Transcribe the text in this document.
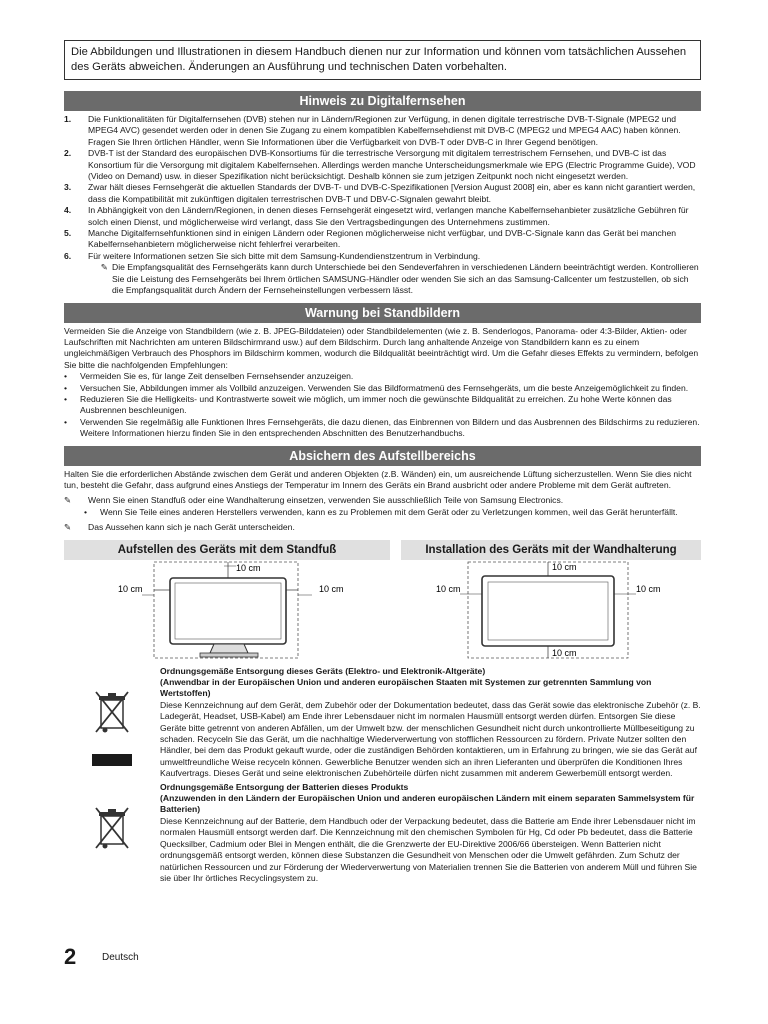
Die Abbildungen und Illustrationen in diesem Handbuch dienen nur zur Information und können vom tatsächlichen Aussehen des Geräts abweichen. Änderungen an Ausführung und technischen Daten vorbehalten.
Hinweis zu Digitalfernsehen
1.	Die Funktionalitäten für Digitalfernsehen (DVB) stehen nur in Ländern/Regionen zur Verfügung, in denen digitale terrestrische DVB-T-Signale (MPEG2 und MPEG4 AVC) gesendet werden oder in denen Sie Zugang zu einem kompatiblen Kabelfernsehdienst mit DVB-C (MPEG2 und MPEG4 AAC) haben können. Fragen Sie Ihren örtlichen Händler, wenn Sie Informationen über die Verfügbarkeit von DVB-T oder DVB-C in Ihrer Gegend benötigen.
2.	DVB-T ist der Standard des europäischen DVB-Konsortiums für die terrestrische Versorgung mit digitalem terrestrischem Fernsehen, und DVB-C ist das Konsortium für die Versorgung mit digitalem Kabelfernsehen. Allerdings werden manche Unterscheidungsmerkmale wie EPG (Electric Programme Guide), VOD (Video on Demand) usw. in dieser Spezifikation nicht berücksichtigt. Deshalb können sie zum jetzigen Zeitpunkt noch nicht eingesetzt werden.
3.	Zwar hält dieses Fernsehgerät die aktuellen Standards der DVB-T- und DVB-C-Spezifikationen [Version August 2008] ein, aber es kann nicht garantiert werden, dass die Kompatibilität mit zukünftigen digitalen terrestrischen DVB-T und DBV-C-Signalen gewahrt bleibt.
4.	In Abhängigkeit von den Ländern/Regionen, in denen dieses Fernsehgerät eingesetzt wird, verlangen manche Kabelfernsehanbieter zusätzliche Gebühren für solch einen Dienst, und möglicherweise wird verlangt, dass Sie den Vertragsbedingungen des Unternehmens zustimmen.
5.	Manche Digitalfernsehfunktionen sind in einigen Ländern oder Regionen möglicherweise nicht verfügbar, und DVB-C-Signale kann das Gerät bei manchen Kabelfernsehanbietern möglicherweise nicht fehlerfrei verarbeiten.
6.	Für weitere Informationen setzen Sie sich bitte mit dem Samsung-Kundendienstzentrum in Verbindung.
✎ Die Empfangsqualität des Fernsehgeräts kann durch Unterschiede bei den Sendeverfahren in verschiedenen Ländern beeinträchtigt werden. Kontrollieren Sie die Leistung des Fernsehgeräts bei Ihrem örtlichen SAMSUNG-Händler oder wenden Sie sich an das Samsung-Callcenter um festzustellen, ob sich die Empfangsqualität durch Ändern der Fernseheinstellungen verbessern lässt.
Warnung bei Standbildern
Vermeiden Sie die Anzeige von Standbildern (wie z. B. JPEG-Bilddateien) oder Standbildelementen (wie z. B. Senderlogos, Panorama- oder 4:3-Bilder, Aktien- oder Laufschriften mit Nachrichten am unteren Bildschirmrand usw.) auf dem Bildschirm. Durch lang anhaltende Anzeige von Standbildern kann es zu einem ungleichmäßigen Verbrauch des Phosphors im Bildschirm kommen, wodurch die Bildqualität beeinträchtigt wird. Um die Gefahr dieses Effekts zu vermindern, befolgen Sie bitte die nachfolgenden Empfehlungen:
•	Vermeiden Sie es, für lange Zeit denselben Fernsehsender anzuzeigen.
•	Versuchen Sie, Abbildungen immer als Vollbild anzuzeigen. Verwenden Sie das Bildformatmenü des Fernsehgeräts, um die beste Anzeigemöglichkeit zu finden.
•	Reduzieren Sie die Helligkeits- und Kontrastwerte soweit wie möglich, um immer noch die gewünschte Bildqualität zu erreichen. Zu hohe Werte können das Ausbrennen beschleunigen.
•	Verwenden Sie regelmäßig alle Funktionen Ihres Fernsehgeräts, die dazu dienen, das Einbrennen von Bildern und das Ausbrennen des Bildschirms zu reduzieren. Weitere Informationen hierzu finden Sie in den entsprechenden Abschnitten des Benutzerhandbuchs.
Absichern des Aufstellbereichs
Halten Sie die erforderlichen Abstände zwischen dem Gerät und anderen Objekten (z.B. Wänden) ein, um ausreichende Lüftung sicherzustellen. Wenn Sie dies nicht tun, besteht die Gefahr, dass aufgrund eines Anstiegs der Temperatur im Innern des Geräts ein Brand ausbricht oder andere Probleme mit dem Gerät auftreten.
✎	Wenn Sie einen Standfuß oder eine Wandhalterung einsetzen, verwenden Sie ausschließlich Teile von Samsung Electronics.
•	Wenn Sie Teile eines anderen Herstellers verwenden, kann es zu Problemen mit dem Gerät oder zu Verletzungen kommen, weil das Gerät herunterfällt.
✎	Das Aussehen kann sich je nach Gerät unterscheiden.
Aufstellen des Geräts mit dem Standfuß	Installation des Geräts mit der Wandhalterung
10 cm
10 cm	10 cm
10 cm
10 cm
10 cm	10 cm
Ordnungsgemäße Entsorgung dieses Geräts (Elektro- und Elektronik-Altgeräte)
(Anwendbar in der Europäischen Union und anderen europäischen Staaten mit Systemen zur getrennten Sammlung von Wertstoffen)
Diese Kennzeichnung auf dem Gerät, dem Zubehör oder der Dokumentation bedeutet, dass das Gerät sowie das elektronische Zubehör (z. B. Ladegerät, Headset, USB-Kabel) am Ende ihrer Lebensdauer nicht im normalen Hausmüll entsorgt werden dürfen. Entsorgen Sie diese Geräte bitte getrennt von anderen Abfällen, um der Umwelt bzw. der menschlichen Gesundheit nicht durch unkontrollierte Müllbeseitigung zu schaden. Recyceln Sie das Gerät, um die nachhaltige Wiederverwertung von stofflichen Ressourcen zu fördern. Private Nutzer sollten den Händler, bei dem das Produkt gekauft wurde, oder die zuständigen Behörden kontaktieren, um in Erfahrung zu bringen, wie sie das Gerät auf umweltfreundliche Weise recyceln können. Gewerbliche Benutzer wenden sich an ihren Lieferanten und überprüfen die Konditionen Ihres Kaufvertrags. Dieses Gerät und seine elektronischen Zubehörteile dürfen nicht zusammen mit anderem Gewerbemüll entsorgt werden.
Ordnungsgemäße Entsorgung der Batterien dieses Produkts
(Anzuwenden in den Ländern der Europäischen Union und anderen europäischen Ländern mit einem separaten Sammelsystem für Batterien)
Diese Kennzeichnung auf der Batterie, dem Handbuch oder der Verpackung bedeutet, dass die Batterie am Ende ihrer Lebensdauer nicht im normalen Hausmüll entsorgt werden darf. Die Kennzeichnung mit den chemischen Symbolen für Hg, Cd oder Pb bedeutet, dass die Batterie Quecksilber, Cadmium oder Blei in Mengen enthält, die die Grenzwerte der EU-Direktive 2006/66 übersteigen. Wenn Batterien nicht ordnungsgemäß entsorgt werden, können diese Substanzen die Gesundheit von Menschen oder die Umwelt gefährden. Zum Schutz der natürlichen Ressourcen und zur Förderung der Wiederverwertung von Materialien trennen Sie die Batterien von anderem Müll und führen Sie sie über Ihr örtliches Recyclingsystem zu.
2	Deutsch
